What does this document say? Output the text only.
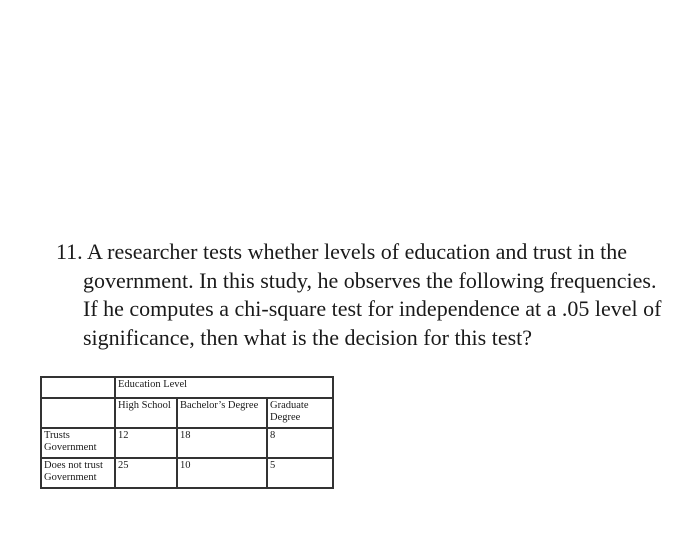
11. A researcher tests whether levels of education and trust in the government. In this study, he observes the following frequencies. If he computes a chi-square test for independence at a .05 level of significance, then what is the decision for this test?
	Education Level		
	High School	Bachelor’s Degree	Graduate Degree
Trusts Government	12	18	8
Does not trust Government	25	10	5
